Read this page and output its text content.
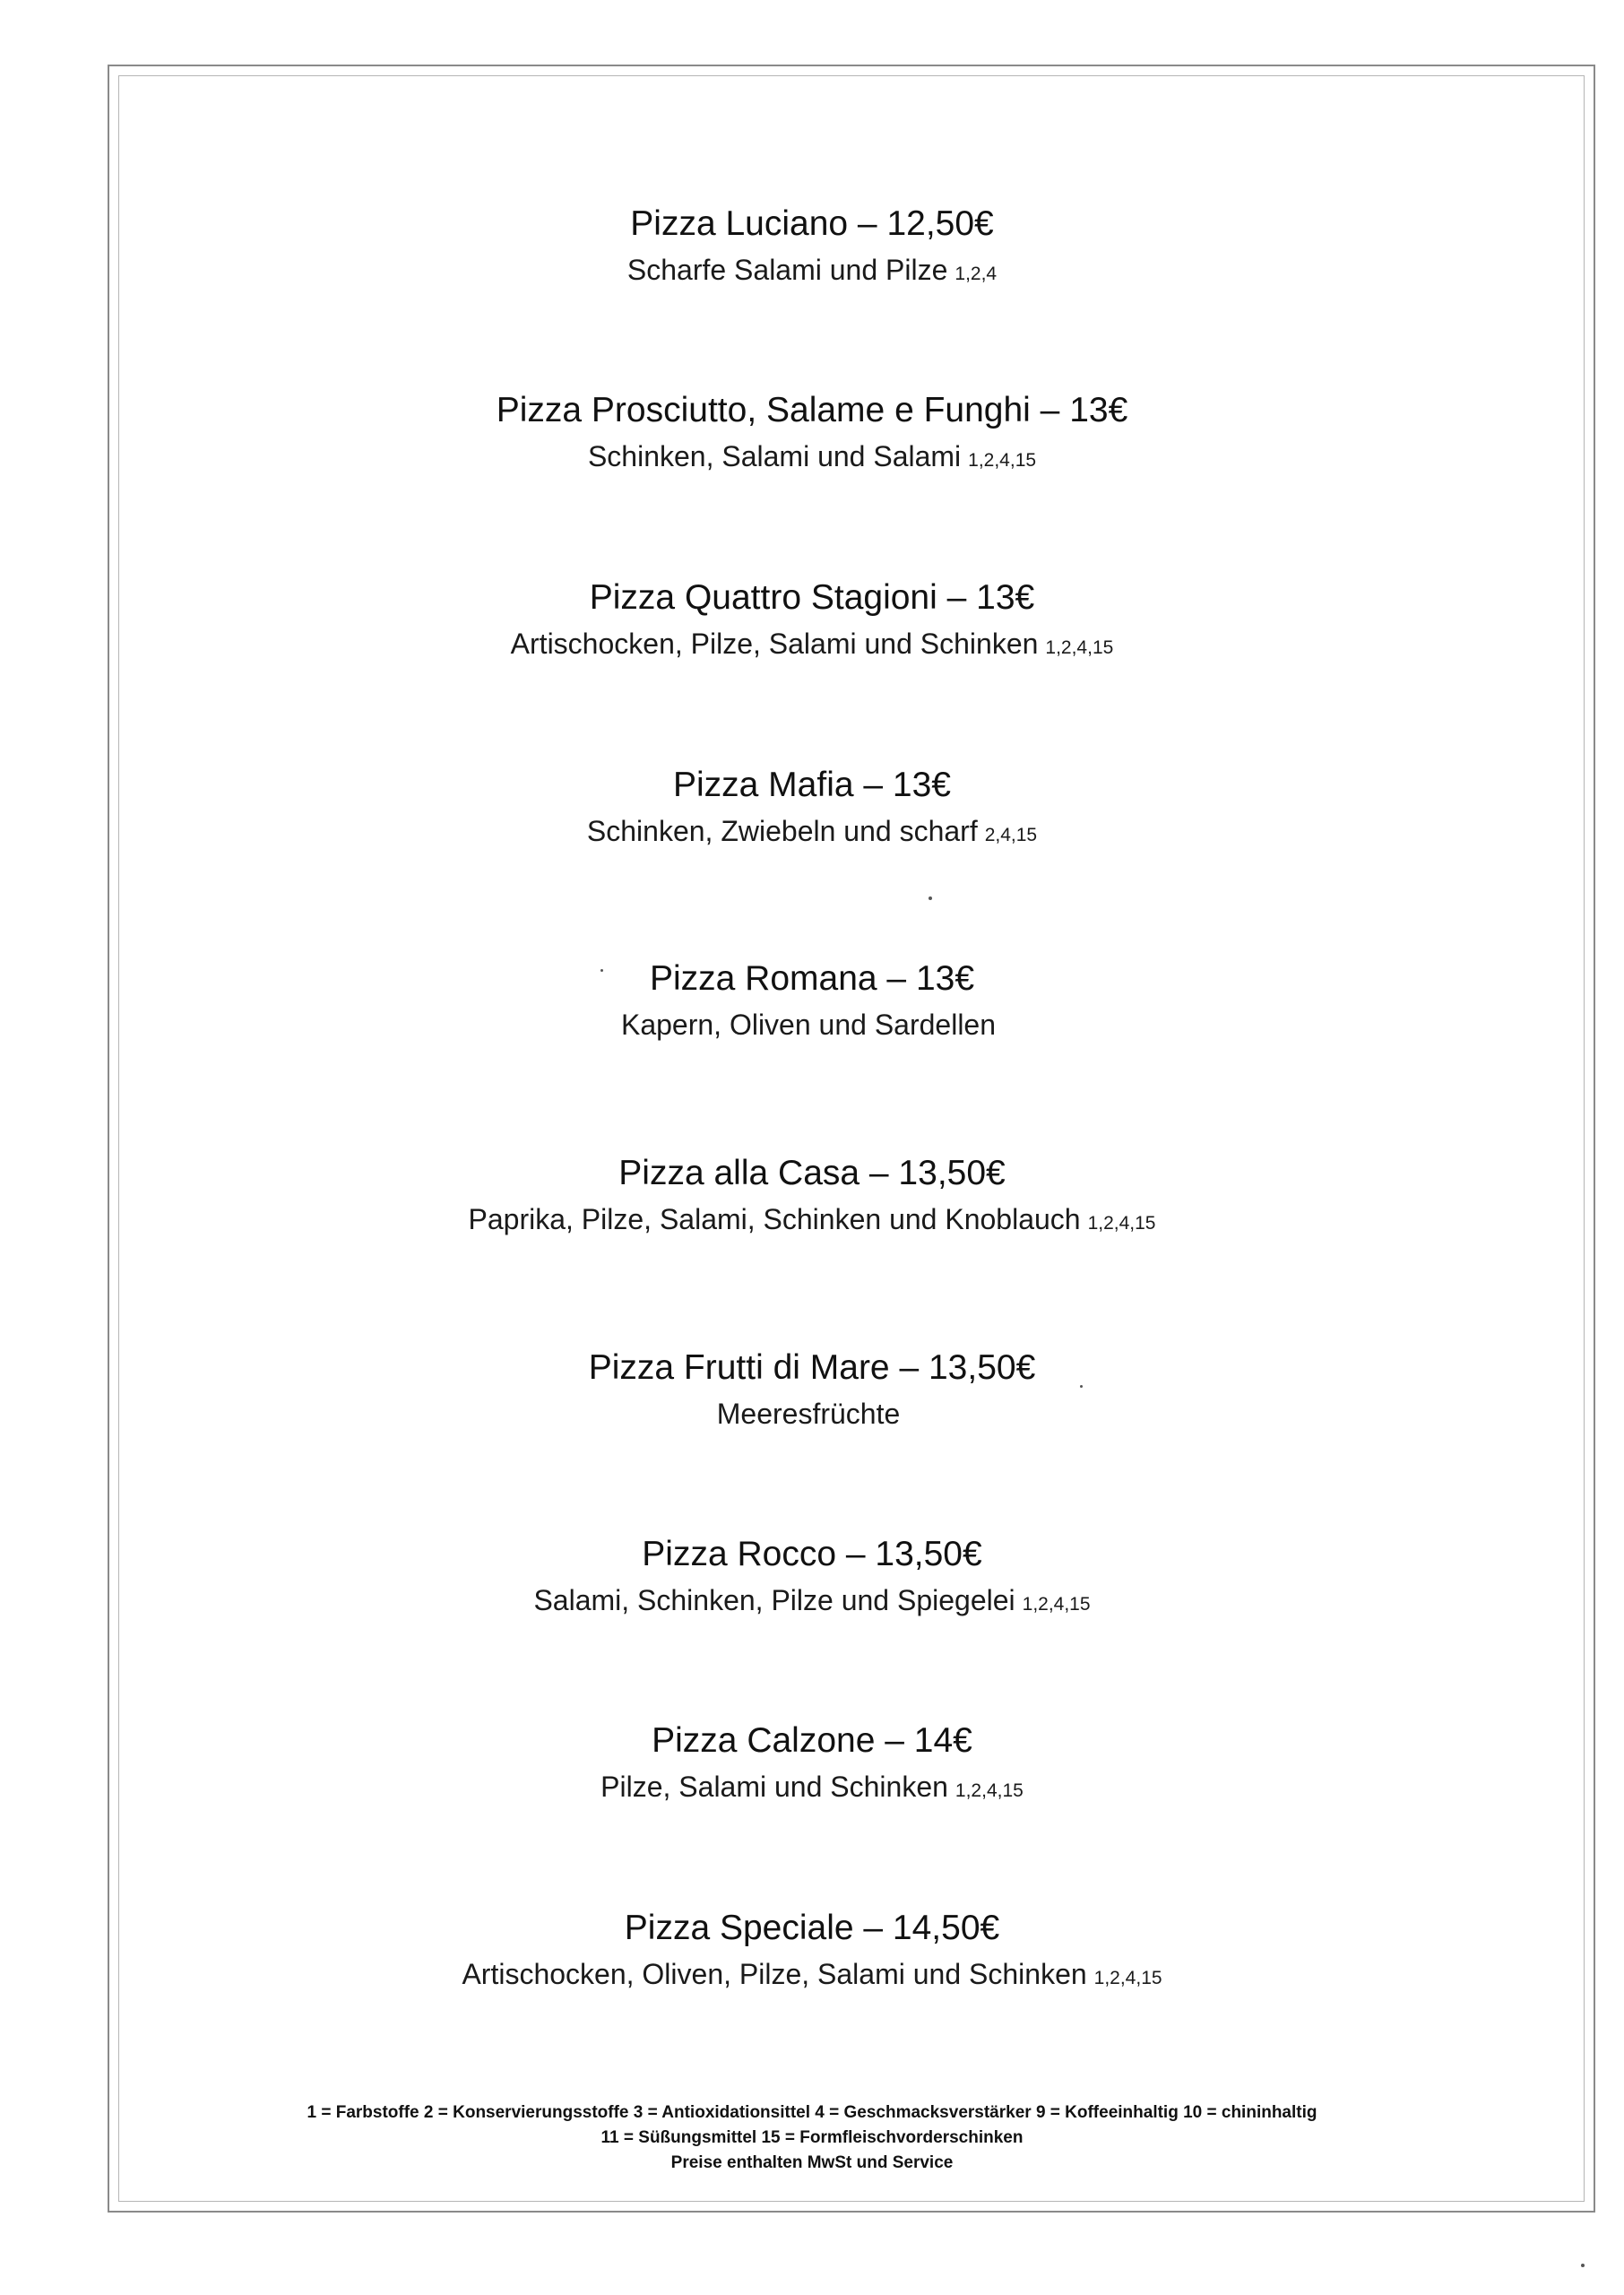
Pizza Luciano – 12,50€
Scharfe Salami und Pilze 1,2,4
Pizza Prosciutto, Salame e Funghi – 13€
Schinken, Salami und Salami 1,2,4,15
Pizza Quattro Stagioni – 13€
Artischocken, Pilze, Salami und Schinken 1,2,4,15
Pizza Mafia – 13€
Schinken, Zwiebeln und scharf 2,4,15
Pizza Romana – 13€
Kapern, Oliven und Sardellen
Pizza alla Casa – 13,50€
Paprika, Pilze, Salami, Schinken und Knoblauch 1,2,4,15
Pizza Frutti di Mare – 13,50€
Meeresfrüchte
Pizza Rocco – 13,50€
Salami, Schinken, Pilze und Spiegelei 1,2,4,15
Pizza Calzone – 14€
Pilze, Salami und Schinken 1,2,4,15
Pizza Speciale – 14,50€
Artischocken, Oliven, Pilze, Salami und Schinken 1,2,4,15
1 = Farbstoffe 2 = Konservierungsstoffe 3 = Antioxidationsittel 4 = Geschmacksverstärker 9 = Koffeeinhaltig 10 = chininhaltig
11 = Süßungsmittel 15 = Formfleischvorderschinken
Preise enthalten MwSt und Service
